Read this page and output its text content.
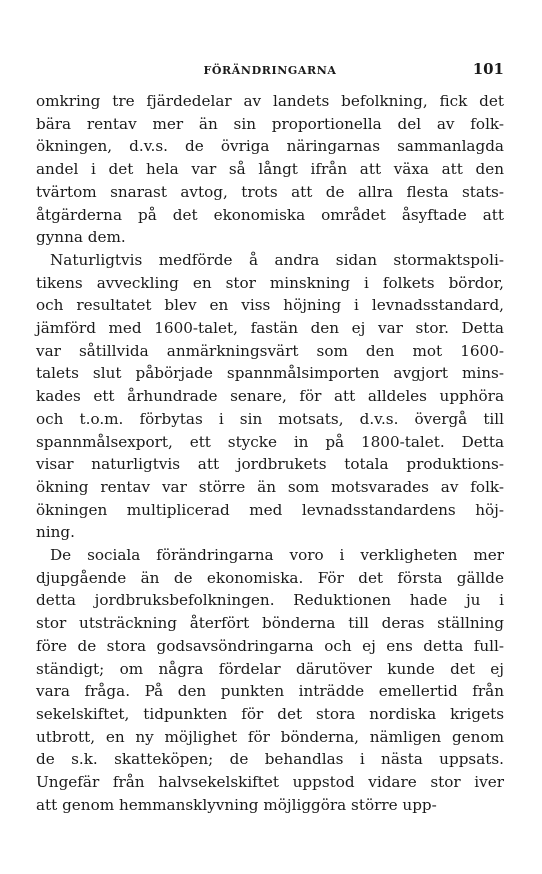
FÖRÄNDRINGARNA	101

omkring tre fjärdedelar av landets befolkning, fick det
bära rentav mer än sin proportionella del av folk-
ökningen, d.v.s. de övriga näringarnas sammanlagda
andel i det hela var så långt ifrån att växa att den
tvärtom snarast avtog, trots att de allra flesta stats-
åtgärderna på det ekonomiska området åsyftade att
gynna dem.

Naturligtvis medförde å andra sidan stormaktspoli-
tikens avveckling en stor minskning i folkets bördor,
och resultatet blev en viss höjning i levnadsstandard,
jämförd med 1600-talet, fastän den ej var stor. Detta
var såtillvida anmärkningsvärt som den mot 1600-
talets slut påbörjade spannmålsimporten avgjort mins-
kades ett århundrade senare, för att alldeles upphöra
och t.o.m. förbytas i sin motsats, d.v.s. övergå till
spannmålsexport, ett stycke in på 1800-talet. Detta
visar naturligtvis att jordbrukets totala produktions-
ökning rentav var större än som motsvarades av folk-
ökningen multiplicerad med levnadsstandardens höj-
ning.

De sociala förändringarna voro i verkligheten mer
djupgående än de ekonomiska. För det första gällde
detta jordbruksbefolkningen. Reduktionen hade ju i
stor utsträckning återfört bönderna till deras ställning
före de stora godsavsöndringarna och ej ens detta full-
ständigt; om några fördelar därutöver kunde det ej
vara fråga. På den punkten inträdde emellertid från
sekelskiftet, tidpunkten för det stora nordiska krigets
utbrott, en ny möjlighet för bönderna, nämligen genom
de s.k. skatteköpen; de behandlas i nästa uppsats.
Ungefär från halvsekelskiftet uppstod vidare stor iver
att genom hemmansklyvning möjliggöra större upp-
